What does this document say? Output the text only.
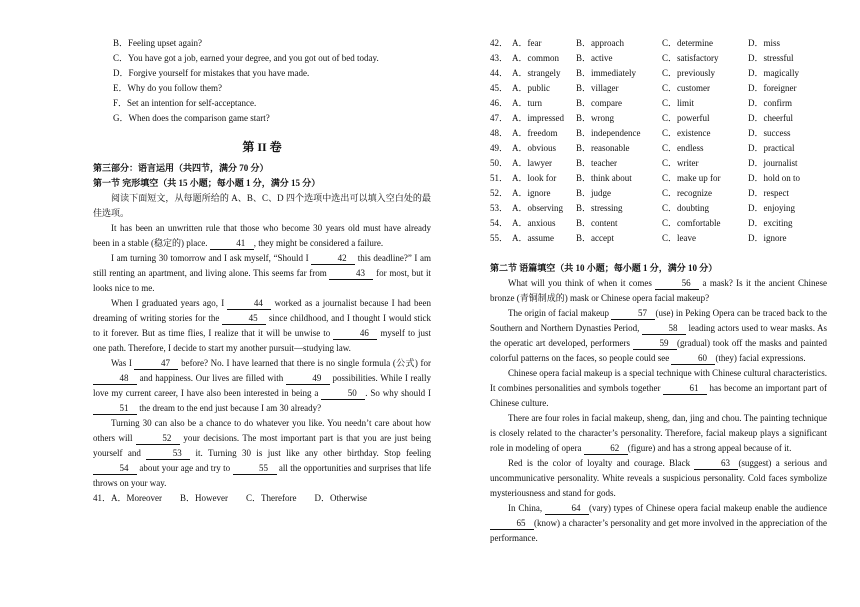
B．Feeling upset again?

C．You have got a job, earned your degree, and you got out of bed today.

D．Forgive yourself for mistakes that you have made.

E．Why do you follow them?

F．Set an intention for self-acceptance.

G．When does the comparison game start?

第 II 卷

第三部分：语言运用（共四节，满分 70 分）

第一节 完形填空（共 15 小题；每小题 1 分，满分 15 分）

阅读下面短文，从每题所给的 A、B、C、D 四个选项中选出可以填入空白处的最佳选项。

It has been an unwritten rule that those who become 30 years old must have already been in a stable (稳定的) place.	41 , they might be considered a failure.

I am turning 30 tomorrow and I ask myself, “Should I	42 this deadline?” I am still renting an apartment, and living alone. This seems far from	43 for most, but it looks nice to me.

When I graduated years ago, I	44 worked as a journalist because I had been dreaming of writing stories for the	45 since childhood, and I thought I would stick to it forever. But as time flies, I realize that it will be unwise to	46 myself to just one path. Therefore, I decide to start my another pursuit—studying law.

Was I	47 before? No. I have learned that there is no single formula (公式) for 48 and happiness. Our lives are filled with	49 possibilities. While I really love my current career, I have also been interested in being a	50 . So why should I 51 the dream to the end just because I am 30 already?

Turning 30 can also be a chance to do whatever you like. You needn’t care about how others will	52 your decisions. The most important part is that you are just being yourself and	53 it. Turning 30 is just like any other birthday. Stop feeling 54 about your age and try to	55 all the opportunities and surprises that life throws on your way.

41．A．Moreover	B．However	C．Therefore	D．Otherwise
42．	A．fear	B．approach	C．determine	D．miss
43．	A．common	B．active	C．satisfactory	D．stressful
44．	A．strangely	B．immediately	C．previously	D．magically
45．	A．public	B．villager	C．customer	D．foreigner
46．	A．turn	B．compare	C．limit	D．confirm
47．	A．impressed	B．wrong	C．powerful	D．cheerful
48．	A．freedom	B．independence	C．existence	D．success
49．	A．obvious	B．reasonable	C．endless	D．practical
50．	A．lawyer	B．teacher	C．writer	D．journalist
51．	A．look for	B．think about	C．make up for	D．hold on to
52．	A．ignore	B．judge	C．recognize	D．respect
53．	A．observing	B．stressing	C．doubting	D．enjoying
54．	A．anxious	B．content	C．comfortable	D．exciting
55．	A．assume	B．accept	C．leave	D．ignore

第二节 语篇填空（共 10 小题；每小题 1 分，满分 10 分）

What will you think of when it comes	56 a mask? Is it the ancient Chinese bronze (青铜制成的) mask or Chinese opera facial makeup?

The origin of facial makeup	57 (use) in Peking Opera can be traced back to the Southern and Northern Dynasties Period,	58 leading actors used to wear masks. As the operatic art developed, performers	59 (gradual) took off the masks and painted colorful patterns on the faces, so people could see	60 (they) facial expressions.

Chinese opera facial makeup is a special technique with Chinese cultural characteristics. It combines personalities and symbols together	61 has become an important part of Chinese culture.

There are four roles in facial makeup, sheng, dan, jing and chou. The painting technique is closely related to the character’s personality. Therefore, facial makeup plays a significant role in modeling of opera	62 (figure) and has a strong appeal because of it.

Red is the color of loyalty and courage. Black	63 (suggest) a serious and uncommunicative personality. White reveals a suspicious personality. Cold faces symbolize mysteriousness and stand for gods.

In China,	64 (vary) types of Chinese opera facial makeup enable the audience 65 (know) a character’s personality and get more involved in the appreciation of the performance.
